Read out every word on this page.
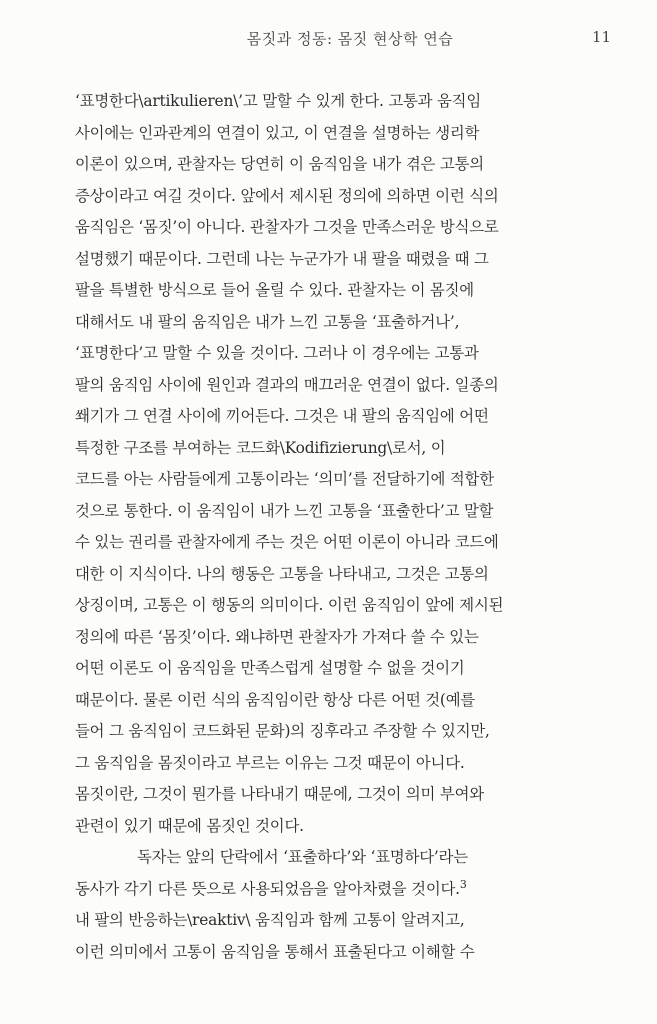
몸짓과 정동: 몸짓 현상학 연습	11
‘표명한다\artikulieren\’고 말할 수 있게 한다. 고통과 움직임
사이에는 인과관계의 연결이 있고, 이 연결을 설명하는 생리학
이론이 있으며, 관찰자는 당연히 이 움직임을 내가 겪은 고통의
증상이라고 여길 것이다. 앞에서 제시된 정의에 의하면 이런 식의
움직임은 ‘몸짓’이 아니다. 관찰자가 그것을 만족스러운 방식으로
설명했기 때문이다. 그런데 나는 누군가가 내 팔을 때렸을 때 그
팔을 특별한 방식으로 들어 올릴 수 있다. 관찰자는 이 몸짓에
대해서도 내 팔의 움직임은 내가 느낀 고통을 ‘표출하거나’,
‘표명한다’고 말할 수 있을 것이다. 그러나 이 경우에는 고통과
팔의 움직임 사이에 원인과 결과의 매끄러운 연결이 없다. 일종의
쐐기가 그 연결 사이에 끼어든다. 그것은 내 팔의 움직임에 어떤
특정한 구조를 부여하는 코드화\Kodifizierung\로서, 이
코드를 아는 사람들에게 고통이라는 ‘의미’를 전달하기에 적합한
것으로 통한다. 이 움직임이 내가 느낀 고통을 ‘표출한다’고 말할
수 있는 권리를 관찰자에게 주는 것은 어떤 이론이 아니라 코드에
대한 이 지식이다. 나의 행동은 고통을 나타내고, 그것은 고통의
상징이며, 고통은 이 행동의 의미이다. 이런 움직임이 앞에 제시된
정의에 따른 ‘몸짓’이다. 왜냐하면 관찰자가 가져다 쓸 수 있는
어떤 이론도 이 움직임을 만족스럽게 설명할 수 없을 것이기
때문이다. 물론 이런 식의 움직임이란 항상 다른 어떤 것(예를
들어 그 움직임이 코드화된 문화)의 징후라고 주장할 수 있지만,
그 움직임을 몸짓이라고 부르는 이유는 그것 때문이 아니다.
몸짓이란, 그것이 뭔가를 나타내기 때문에, 그것이 의미 부여와
관련이 있기 때문에 몸짓인 것이다.
독자는 앞의 단락에서 ‘표출하다’와 ‘표명하다’라는
동사가 각기 다른 뜻으로 사용되었음을 알아차렸을 것이다.$^3$
내 팔의 반응하는\reaktiv\ 움직임과 함께 고통이 알려지고,
이런 의미에서 고통이 움직임을 통해서 표출된다고 이해할 수
